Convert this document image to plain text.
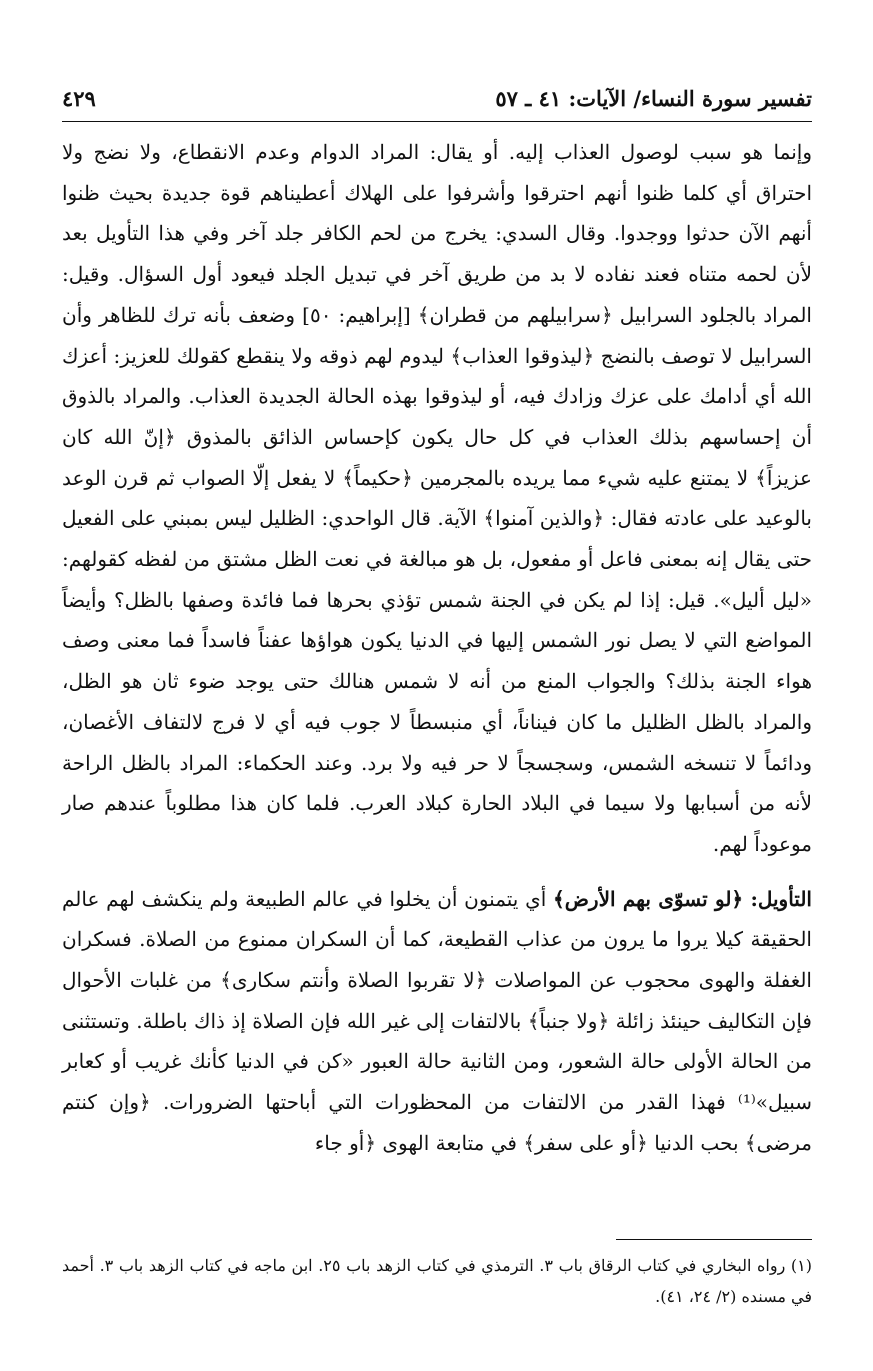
تفسير سورة النساء/ الآيات: ٤١ ـ ٥٧
٤٢٩

وإنما هو سبب لوصول العذاب إليه. أو يقال: المراد الدوام وعدم الانقطاع، ولا نضج ولا احتراق أي كلما ظنوا أنهم احترقوا وأشرفوا على الهلاك أعطيناهم قوة جديدة بحيث ظنوا أنهم الآن حدثوا ووجدوا. وقال السدي: يخرج من لحم الكافر جلد آخر وفي هذا التأويل بعد لأن لحمه متناه فعند نفاده لا بد من طريق آخر في تبديل الجلد فيعود أول السؤال. وقيل: المراد بالجلود السرابيل ﴿سرابيلهم من قطران﴾ [إبراهيم: ٥٠] وضعف بأنه ترك للظاهر وأن السرابيل لا توصف بالنضج ﴿ليذوقوا العذاب﴾ ليدوم لهم ذوقه ولا ينقطع كقولك للعزيز: أعزك الله أي أدامك على عزك وزادك فيه، أو ليذوقوا بهذه الحالة الجديدة العذاب. والمراد بالذوق أن إحساسهم بذلك العذاب في كل حال يكون كإحساس الذائق بالمذوق ﴿إنّ الله كان عزيزاً﴾ لا يمتنع عليه شيء مما يريده بالمجرمين ﴿حكيماً﴾ لا يفعل إلّا الصواب ثم قرن الوعد بالوعيد على عادته فقال: ﴿والذين آمنوا﴾ الآية. قال الواحدي: الظليل ليس بمبني على الفعيل حتى يقال إنه بمعنى فاعل أو مفعول، بل هو مبالغة في نعت الظل مشتق من لفظه كقولهم: «ليل أليل». قيل: إذا لم يكن في الجنة شمس تؤذي بحرها فما فائدة وصفها بالظل؟ وأيضاً المواضع التي لا يصل نور الشمس إليها في الدنيا يكون هواؤها عفناً فاسداً فما معنى وصف هواء الجنة بذلك؟ والجواب المنع من أنه لا شمس هنالك حتى يوجد ضوء ثان هو الظل، والمراد بالظل الظليل ما كان فيناناً، أي منبسطاً لا جوب فيه أي لا فرج لالتفاف الأغصان، ودائماً لا تنسخه الشمس، وسجسجاً لا حر فيه ولا برد. وعند الحكماء: المراد بالظل الراحة لأنه من أسبابها ولا سيما في البلاد الحارة كبلاد العرب. فلما كان هذا مطلوباً عندهم صار موعوداً لهم.

التأويل: ﴿لو تسوّى بهم الأرض﴾ أي يتمنون أن يخلوا في عالم الطبيعة ولم ينكشف لهم عالم الحقيقة كيلا يروا ما يرون من عذاب القطيعة، كما أن السكران ممنوع من الصلاة. فسكران الغفلة والهوى محجوب عن المواصلات ﴿لا تقربوا الصلاة وأنتم سكارى﴾ من غلبات الأحوال فإن التكاليف حينئذ زائلة ﴿ولا جنباً﴾ بالالتفات إلى غير الله فإن الصلاة إذ ذاك باطلة. وتستثنى من الحالة الأولى حالة الشعور، ومن الثانية حالة العبور «كن في الدنيا كأنك غريب أو كعابر سبيل»⁽¹⁾ فهذا القدر من الالتفات من المحظورات التي أباحتها الضرورات. ﴿وإن كنتم مرضى﴾ بحب الدنيا ﴿أو على سفر﴾ في متابعة الهوى ﴿أو جاء

(١) رواه البخاري في كتاب الرقاق باب ٣. الترمذي في كتاب الزهد باب ٢٥. ابن ماجه في كتاب الزهد باب ٣. أحمد في مسنده (٢/ ٢٤، ٤١).
